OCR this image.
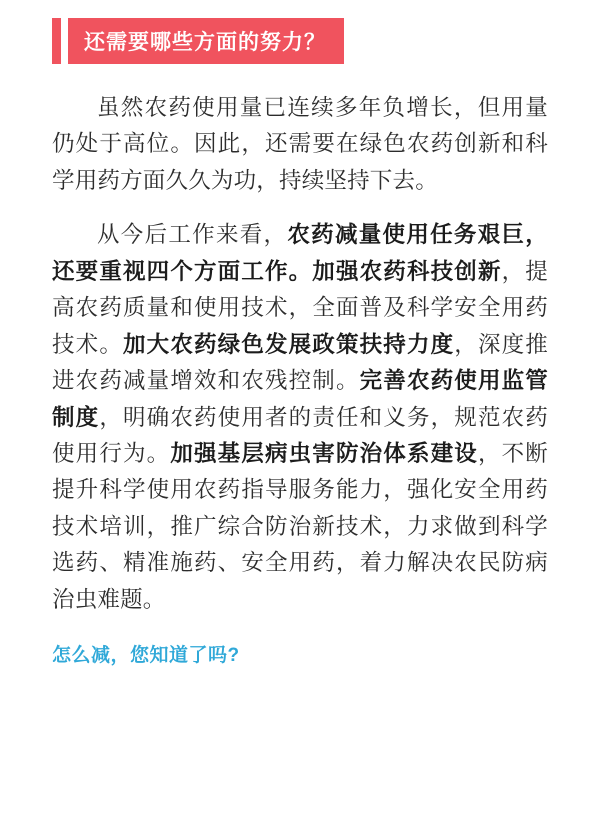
还需要哪些方面的努力？

虽然农药使用量已连续多年负增长，但用量仍处于高位。因此，还需要在绿色农药创新和科学用药方面久久为功，持续坚持下去。

从今后工作来看，农药减量使用任务艰巨，还要重视四个方面工作。加强农药科技创新，提高农药质量和使用技术，全面普及科学安全用药技术。加大农药绿色发展政策扶持力度，深度推进农药减量增效和农残控制。完善农药使用监管制度，明确农药使用者的责任和义务，规范农药使用行为。加强基层病虫害防治体系建设，不断提升科学使用农药指导服务能力，强化安全用药技术培训，推广综合防治新技术，力求做到科学选药、精准施药、安全用药，着力解决农民防病治虫难题。

怎么减，您知道了吗?
